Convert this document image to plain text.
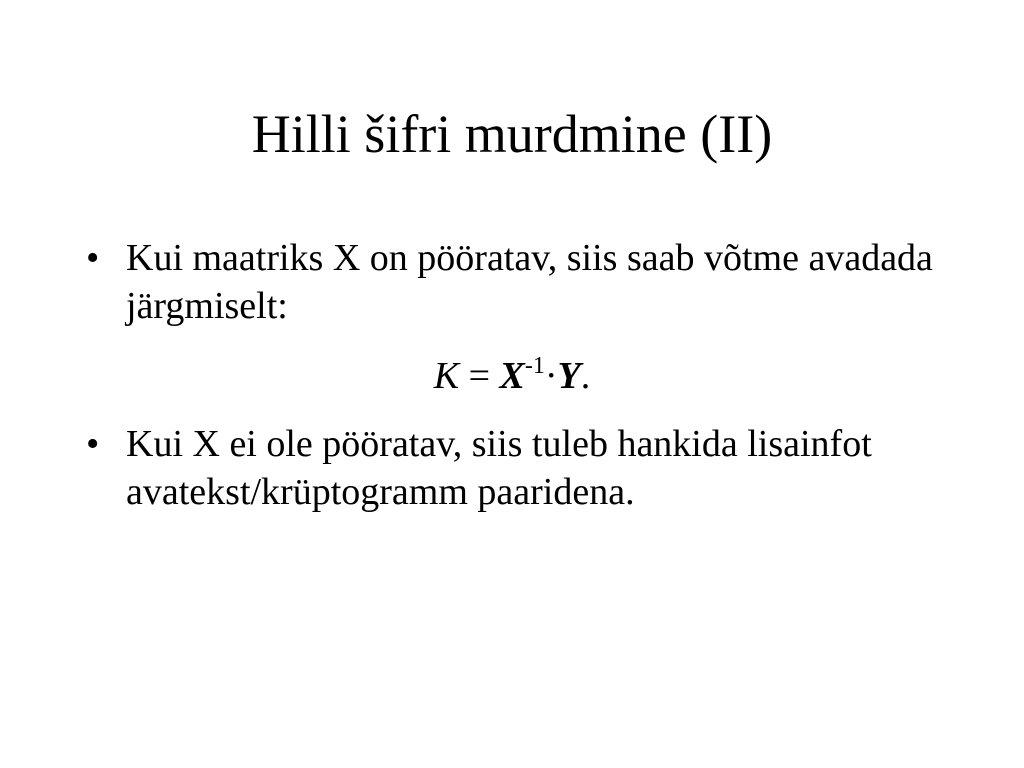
Hilli šifri murdmine (II)
• Kui maatriks X on pööratav, siis saab võtme avadada järgmiselt:
$K = X^{-1}\cdot Y$.
• Kui X ei ole pööratav, siis tuleb hankida lisainfot avatekst/krüptogramm paaridena.
